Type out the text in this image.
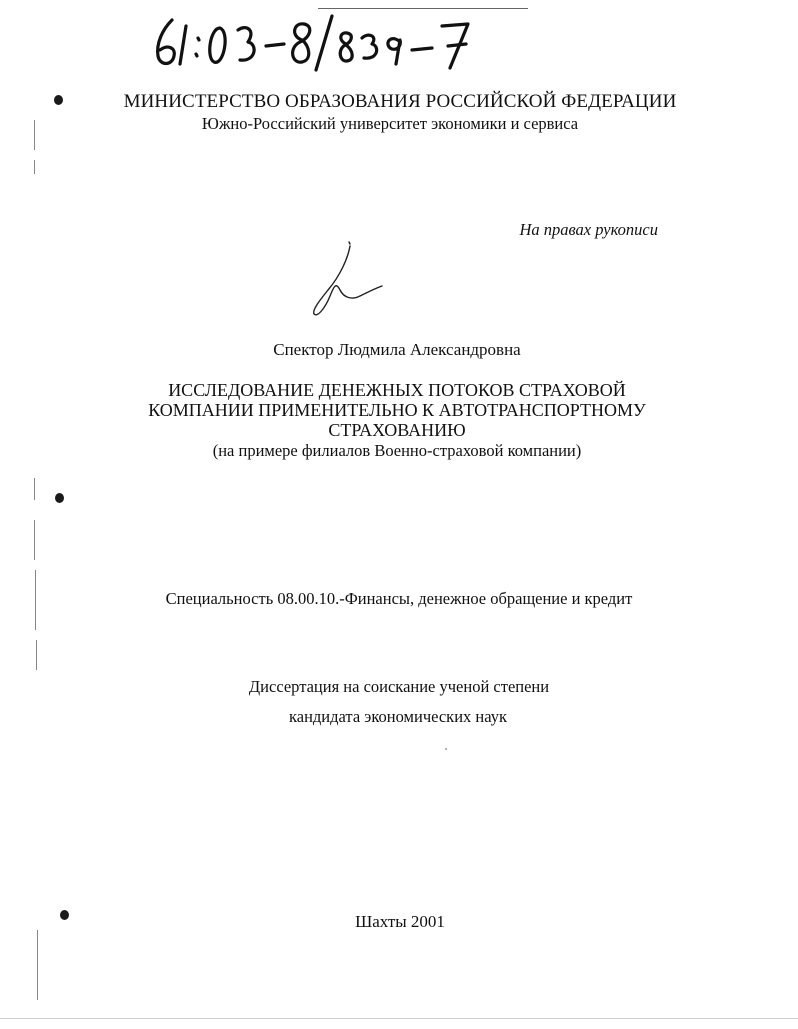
МИНИСТЕРСТВО ОБРАЗОВАНИЯ РОССИЙСКОЙ ФЕДЕРАЦИИ
Южно-Российский университет экономики и сервиса
На правах рукописи
Спектор Людмила Александровна
ИССЛЕДОВАНИЕ ДЕНЕЖНЫХ ПОТОКОВ СТРАХОВОЙ
КОМПАНИИ ПРИМЕНИТЕЛЬНО К АВТОТРАНСПОРТНОМУ
СТРАХОВАНИЮ
(на примере филиалов Военно-страховой компании)
Специальность 08.00.10.-Финансы, денежное обращение и кредит
Диссертация на соискание ученой степени
кандидата экономических наук
Шахты 2001
